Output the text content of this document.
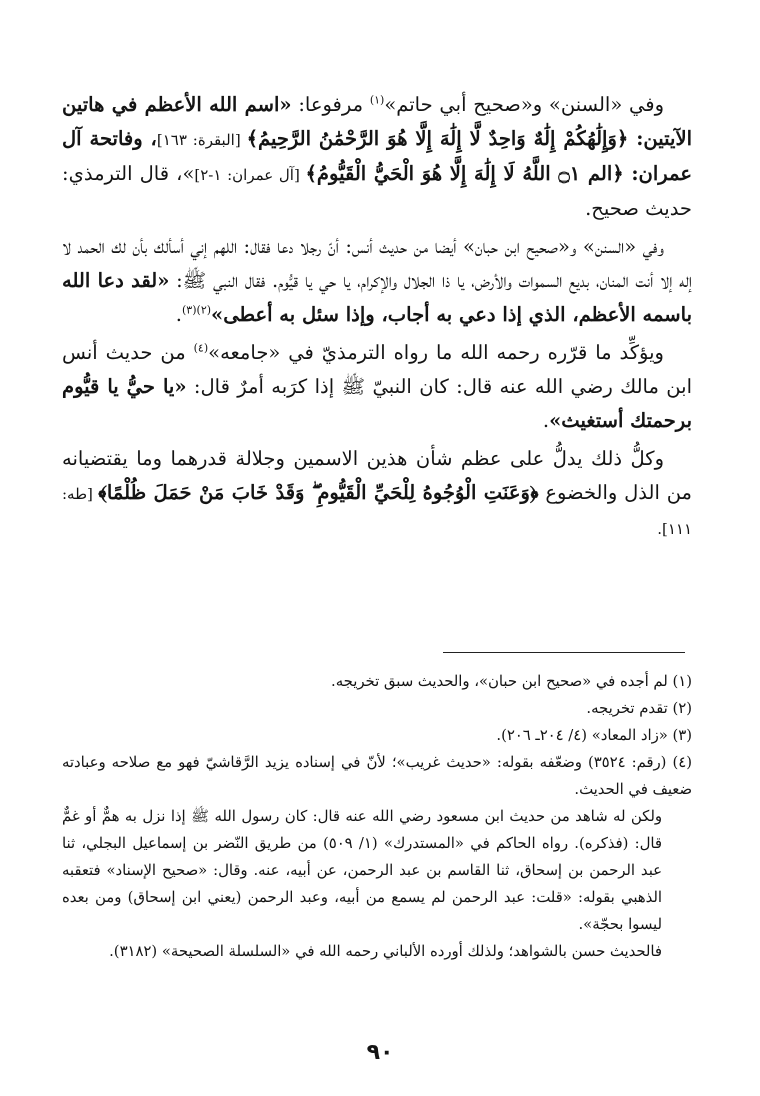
وفي «السنن» و«صحيح أبي حاتم»$^{(١)}$ مرفوعا: «اسم الله الأعظم في هاتين الآيتين: ﴿وَإِلَٰهُكُمْ إِلَٰهٌ وَاحِدٌ لَّا إِلَٰهَ إِلَّا هُوَ الرَّحْمَٰنُ الرَّحِيمُ﴾ [البقرة: ١٦٣]، وفاتحة آل عمران: ﴿الم ۝١ اللَّهُ لَا إِلَٰهَ إِلَّا هُوَ الْحَيُّ الْقَيُّومُ﴾ [آل عمران: ١-٢]»، قال الترمذي: حديث صحيح.

وفي «السنن» و«صحيح ابن حبان» أيضا من حديث أنس: أنّ رجلا دعا فقال: اللهم إني أسألك بأن لك الحمد لا إله إلا أنت المنان، بديع السموات والأرض، يا ذا الجلال والإكرام، يا حي يا قيُّوم. فقال النبي ﷺ: «لقد دعا الله باسمه الأعظم، الذي إذا دعي به أجاب، وإذا سئل به أعطى»$^{(٢)(٣)}$.

ويؤكِّد ما قرّره رحمه الله ما رواه الترمذيّ في «جامعه»$^{(٤)}$ من حديث أنس ابن مالك رضي الله عنه قال: كان النبيّ ﷺ إذا كرَبه أمرٌ قال: «يا حيُّ يا قيُّوم برحمتك أستغيث».

وكلُّ ذلك يدلُّ على عظم شأن هذين الاسمين وجلالة قدرهما وما يقتضيانه من الذل والخضوع ﴿وَعَنَتِ الْوُجُوهُ لِلْحَيِّ الْقَيُّومِ ۖ وَقَدْ خَابَ مَنْ حَمَلَ ظُلْمًا﴾ [طه: ١١١].

(١) لم أجده في «صحيح ابن حبان»، والحديث سبق تخريجه.

(٢) تقدم تخريجه.

(٣) «زاد المعاد» (٤/ ٢٠٤ـ ٢٠٦).

(٤) (رقم: ٣٥٢٤) وضعّفه بقوله: «حديث غريب»؛ لأنّ في إسناده يزيد الرَّقاشيّ فهو مع صلاحه وعبادته ضعيف في الحديث.

ولكن له شاهد من حديث ابن مسعود رضي الله عنه قال: كان رسول الله ﷺ إذا نزل به همٌّ أو غمٌّ قال: (فذكره). رواه الحاكم في «المستدرك» (١/ ٥٠٩) من طريق النّضر بن إسماعيل البجلي، ثنا عبد الرحمن بن إسحاق، ثنا القاسم بن عبد الرحمن، عن أبيه، عنه. وقال: «صحيح الإسناد» فتعقبه الذهبي بقوله: «قلت: عبد الرحمن لم يسمع من أبيه، وعبد الرحمن (يعني ابن إسحاق) ومن بعده ليسوا بحجّة».

فالحديث حسن بالشواهد؛ ولذلك أورده الألباني رحمه الله في «السلسلة الصحيحة» (٣١٨٢).

٩٠
